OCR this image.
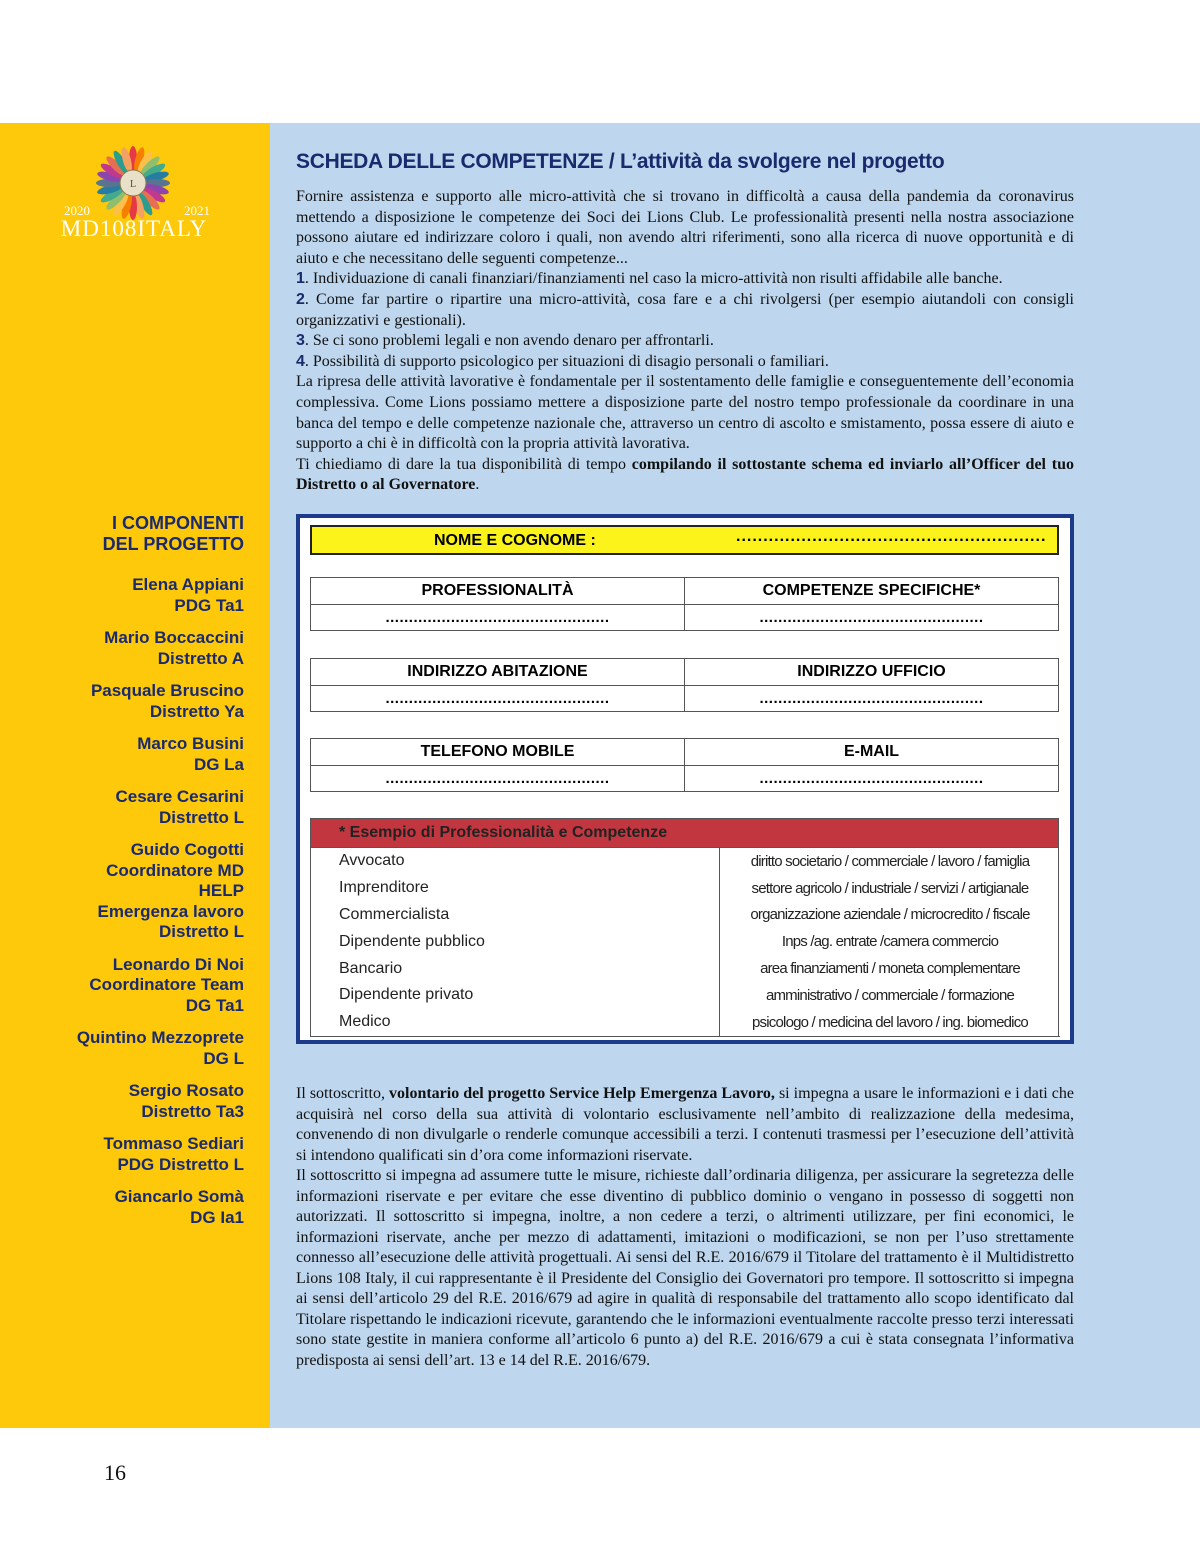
L
2020	2021
MD108ITALY
I COMPONENTI
DEL PROGETTO
Elena Appiani
PDG Ta1
Mario Boccaccini
Distretto A
Pasquale Bruscino
Distretto Ya
Marco Busini
DG La
Cesare Cesarini
Distretto L
Guido Cogotti
Coordinatore MD
HELP
Emergenza lavoro
Distretto L
Leonardo Di Noi
Coordinatore Team
DG Ta1
Quintino Mezzoprete
DG L
Sergio Rosato
Distretto Ta3
Tommaso Sediari
PDG Distretto L
Giancarlo Somà
DG Ia1
SCHEDA DELLE COMPETENZE / L’attività da svolgere nel progetto

Fornire assistenza e supporto alle micro-attività che si trovano in difficoltà a causa della pandemia da coronavirus mettendo a disposizione le competenze dei Soci dei Lions Club. Le professionalità presenti nella nostra associazione possono aiutare ed indirizzare coloro i quali, non avendo altri riferimenti, sono alla ricerca di nuove opportunità e di aiuto e che necessitano delle seguenti competenze...

1. Individuazione di canali finanziari/finanziamenti nel caso la micro-attività non risulti affidabile alle banche.

2. Come far partire o ripartire una micro-attività, cosa fare e a chi rivolgersi (per esempio aiutandoli con consigli organizzativi e gestionali).

3. Se ci sono problemi legali e non avendo denaro per affrontarli.

4. Possibilità di supporto psicologico per situazioni di disagio personali o familiari.

La ripresa delle attività lavorative è fondamentale per il sostentamento delle famiglie e conseguentemente dell’economia complessiva. Come Lions possiamo mettere a disposizione parte del nostro tempo professionale da coordinare in una banca del tempo e delle competenze nazionale che, attraverso un centro di ascolto e smistamento, possa essere di aiuto e supporto a chi è in difficoltà con la propria attività lavorativa.

Ti chiediamo di dare la tua disponibilità di tempo compilando il sottostante schema ed inviarlo all’Officer del tuo Distretto o al Governatore.

NOME E COGNOME :	.........................................................
PROFESSIONALITÀ	COMPETENZE SPECIFICHE*
................................................	................................................
INDIRIZZO ABITAZIONE	INDIRIZZO UFFICIO
................................................	................................................
TELEFONO MOBILE	E-MAIL
................................................	................................................
* Esempio di Professionalità e Competenze
Avvocato	diritto societario / commerciale / lavoro / famiglia
Imprenditore	settore agricolo / industriale / servizi / artigianale
Commercialista	organizzazione aziendale / microcredito / fiscale
Dipendente pubblico	Inps /ag. entrate /camera commercio
Bancario	area finanziamenti / moneta complementare
Dipendente privato	amministrativo / commerciale / formazione
Medico	psicologo / medicina del lavoro / ing. biomedico

Il sottoscritto, volontario del progetto Service Help Emergenza Lavoro, si impegna a usare le informazioni e i dati che acquisirà nel corso della sua attività di volontario esclusivamente nell’ambito di realizzazione della medesima, convenendo di non divulgarle o renderle comunque accessibili a terzi. I contenuti trasmessi per l’esecuzione dell’attività si intendono qualificati sin d’ora come informazioni riservate.

Il sottoscritto si impegna ad assumere tutte le misure, richieste dall’ordinaria diligenza, per assicurare la segretezza delle informazioni riservate e per evitare che esse diventino di pubblico dominio o vengano in possesso di soggetti non autorizzati. Il sottoscritto si impegna, inoltre, a non cedere a terzi, o altrimenti utilizzare, per fini economici, le informazioni riservate, anche per mezzo di adattamenti, imitazioni o modificazioni, se non per l’uso strettamente connesso all’esecuzione delle attività progettuali. Ai sensi del R.E. 2016/679 il Titolare del trattamento è il Multidistretto Lions 108 Italy, il cui rappresentante è il Presidente del Consiglio dei Governatori pro tempore. Il sottoscritto si impegna ai sensi dell’articolo 29 del R.E. 2016/679 ad agire in qualità di responsabile del trattamento allo scopo identificato dal Titolare rispettando le indicazioni ricevute, garantendo che le informazioni eventualmente raccolte presso terzi interessati sono state gestite in maniera conforme all’articolo 6 punto a) del R.E. 2016/679 a cui è stata consegnata l’informativa predisposta ai sensi dell’art. 13 e 14 del R.E. 2016/679.

16
